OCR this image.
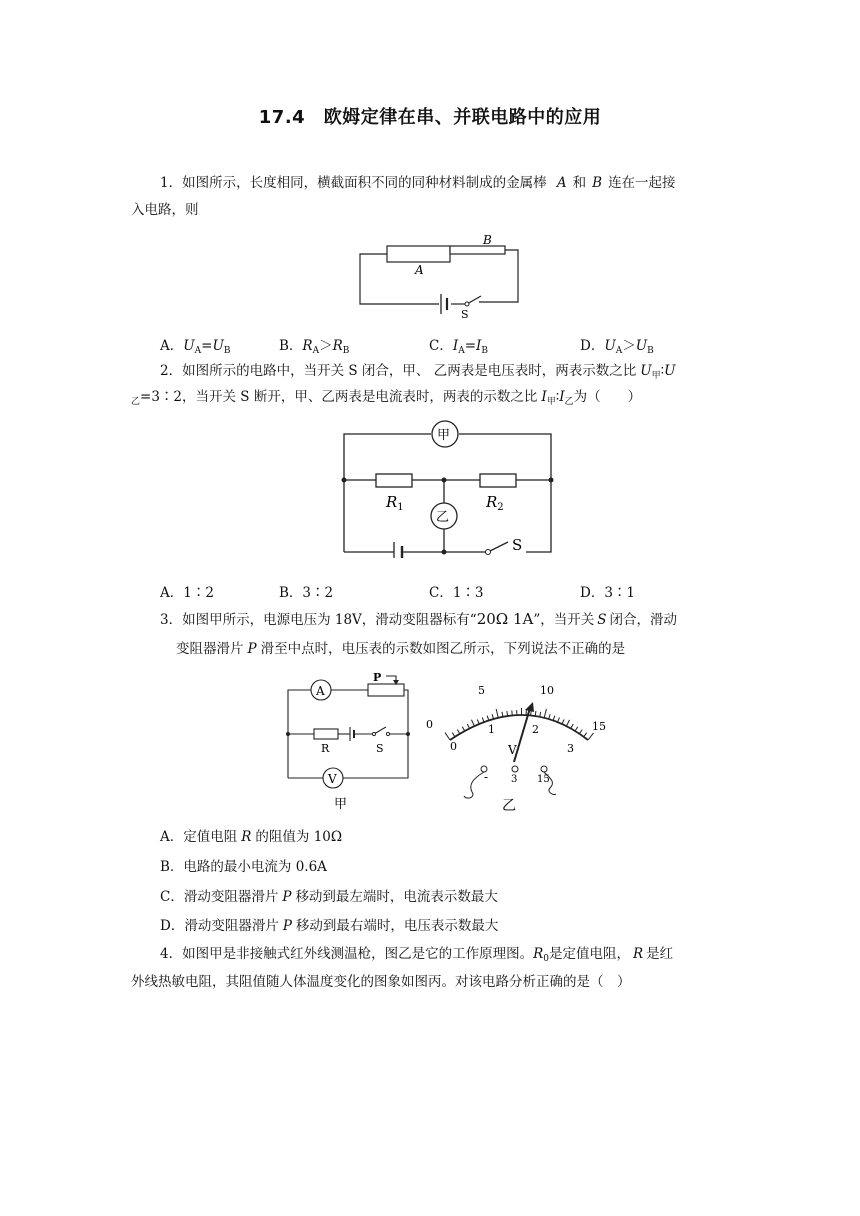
17.4　欧姆定律在串、并联电路中的应用
1．如图所示，长度相同，横截面积不同的同种材料制成的金属棒 A 和 B 连在一起接
入电路，则
B
A
S
A．$U_A=U_B$	B．$R_A>R_B$	C．$I_A=I_B$	D．$U_A>U_B$
2．如图所示的电路中，当开关 S 闭合，甲、 乙两表是电压表时，两表示数之比 $U_甲∶U$
$_乙$=3∶2，当开关 S 断开，甲、乙两表是电流表时，两表的示数之比 $I_甲∶I_乙$为（　　）
甲
乙
$R_1$	$R_2$
S
A．1∶2	B．3∶2	C．1∶3	D．3∶1
3．如图甲所示，电源电压为 18V，滑动变阻器标有“20Ω 1A”，当开关 S 闭合，滑动
变阻器滑片 P 滑至中点时，电压表的示数如图乙所示，下列说法不正确的是
A
P
R	S
V
甲
0
5	10
15
0
1	2
3
V
- 3 15
乙
A．定值电阻 R 的阻值为 10Ω
B．电路的最小电流为 0.6A
C．滑动变阻器滑片 P 移动到最左端时，电流表示数最大
D．滑动变阻器滑片 P 移动到最右端时，电压表示数最大
4．如图甲是非接触式红外线测温枪，图乙是它的工作原理图。$R_0$是定值电阻， R 是红
外线热敏电阻，其阻值随人体温度变化的图象如图丙。对该电路分析正确的是（　）
